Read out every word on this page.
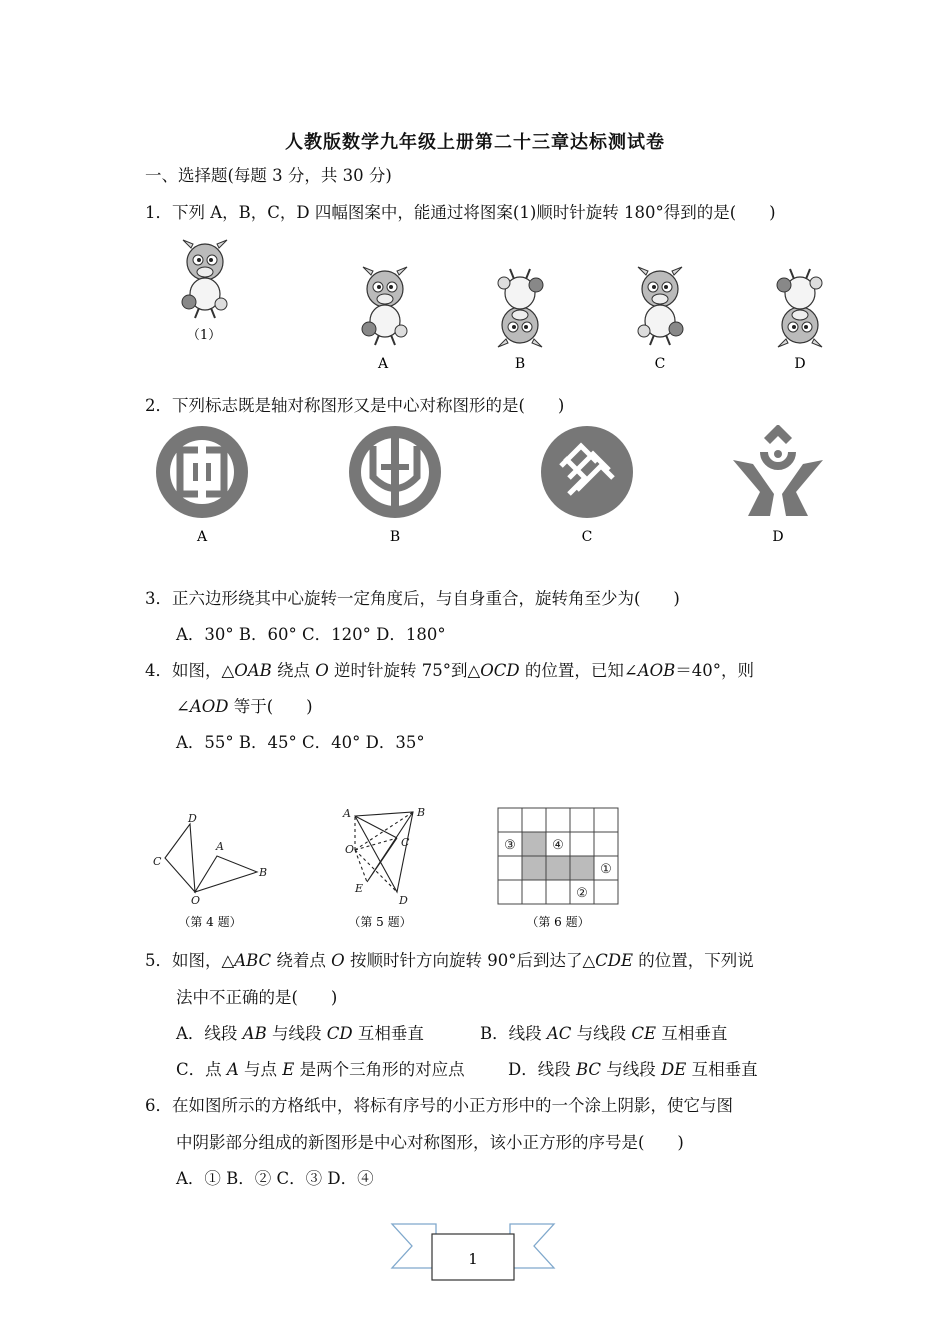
人教版数学九年级上册第二十三章达标测试卷
一、选择题(每题 3 分，共 30 分)
1．下列 A，B，C，D 四幅图案中，能通过将图案(1)顺时针旋转 180°得到的是(　　)
（1）
A	B	C	D
2．下列标志既是轴对称图形又是中心对称图形的是(　　)
A	B	C	D
3．正六边形绕其中心旋转一定角度后，与自身重合，旋转角至少为(　　)
A．30° B．60° C．120° D．180°
4．如图，△OAB 绕点 O 逆时针旋转 75°到△OCD 的位置，已知∠AOB＝40°，则
∠AOD 等于(　　)
A．55° B．45° C．40° D．35°
D
A
C
B
O
（第 4 题）
A	B
O
C
E
D
（第 5 题）
③	④
①
②
（第 6 题）
5．如图，△ABC 绕着点 O 按顺时针方向旋转 90°后到达了△CDE 的位置，下列说
法中不正确的是(　　)
A．线段 AB 与线段 CD 互相垂直	B．线段 AC 与线段 CE 互相垂直
C．点 A 与点 E 是两个三角形的对应点	D．线段 BC 与线段 DE 互相垂直
6．在如图所示的方格纸中，将标有序号的小正方形中的一个涂上阴影，使它与图
中阴影部分组成的新图形是中心对称图形，该小正方形的序号是(　　)
A．① B．② C．③ D．④
1
